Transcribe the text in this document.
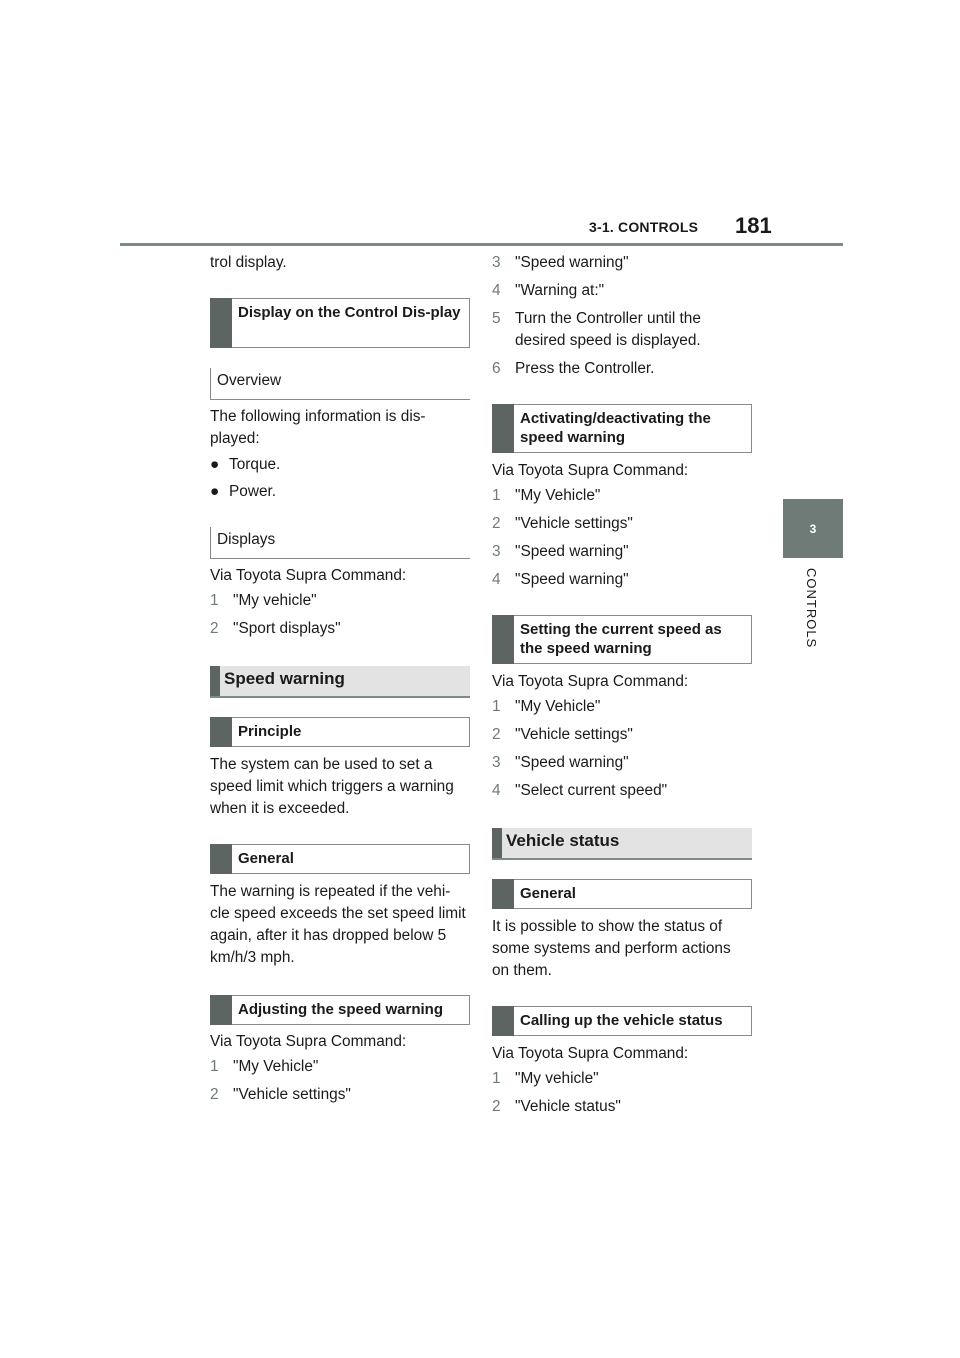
3-1. CONTROLS 181
3
CONTROLS

trol display.

Display on the Control Dis-play
Overview

The following information is dis-played:

● Torque.
● Power.
Displays

Via Toyota Supra Command:

1 "My vehicle"
2 "Sport displays"
Speed warning
Principle

The system can be used to set a speed limit which triggers a warning when it is exceeded.

General

The warning is repeated if the vehi-cle speed exceeds the set speed limit again, after it has dropped below 5 km/h/3 mph.

Adjusting the speed warning

Via Toyota Supra Command:

1 "My Vehicle"
2 "Vehicle settings"
3 "Speed warning"
4 "Warning at:"
5 Turn the Controller until the desired speed is displayed.
6 Press the Controller.
Activating/deactivating the speed warning

Via Toyota Supra Command:

1 "My Vehicle"
2 "Vehicle settings"
3 "Speed warning"
4 "Speed warning"
Setting the current speed as the speed warning

Via Toyota Supra Command:

1 "My Vehicle"
2 "Vehicle settings"
3 "Speed warning"
4 "Select current speed"
Vehicle status
General

It is possible to show the status of some systems and perform actions on them.

Calling up the vehicle status

Via Toyota Supra Command:

1 "My vehicle"
2 "Vehicle status"
